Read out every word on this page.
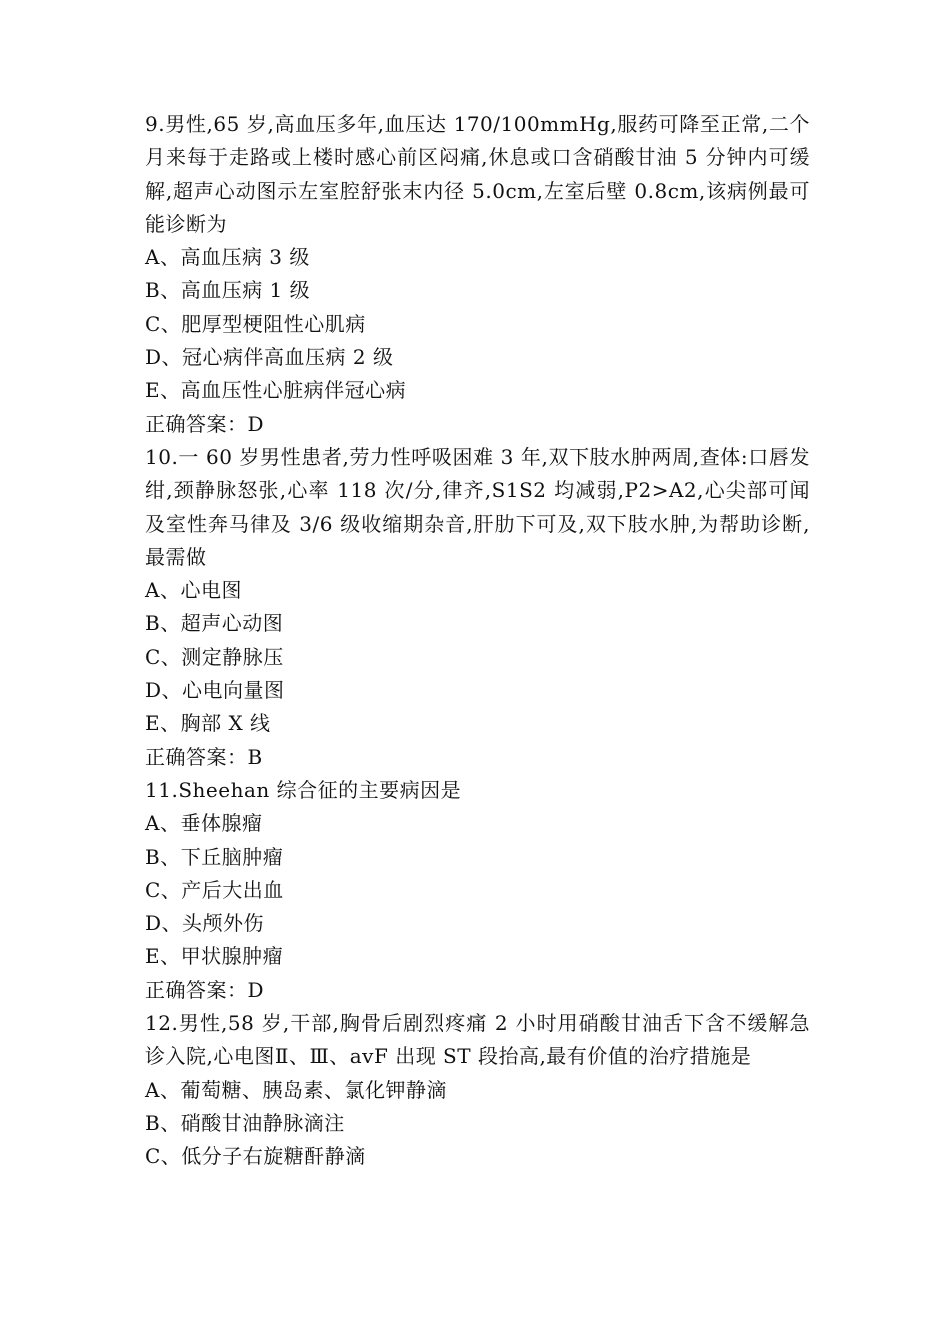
9.男性,65 岁,高血压多年,血压达 170/100mmHg,服药可降至正常,二个月来每于走路或上楼时感心前区闷痛,休息或口含硝酸甘油 5 分钟内可缓解,超声心动图示左室腔舒张末内径 5.0cm,左室后壁 0.8cm,该病例最可能诊断为

A、高血压病 3 级

B、高血压病 1 级

C、肥厚型梗阻性心肌病

D、冠心病伴高血压病 2 级

E、高血压性心脏病伴冠心病

正确答案：D

10.一 60 岁男性患者,劳力性呼吸困难 3 年,双下肢水肿两周,查体:口唇发绀,颈静脉怒张,心率 118 次/分,律齐,S1S2 均减弱,P2>A2,心尖部可闻及室性奔马律及 3/6 级收缩期杂音,肝肋下可及,双下肢水肿,为帮助诊断,最需做

A、心电图

B、超声心动图

C、测定静脉压

D、心电向量图

E、胸部 X 线

正确答案：B

11.Sheehan 综合征的主要病因是

A、垂体腺瘤

B、下丘脑肿瘤

C、产后大出血

D、头颅外伤

E、甲状腺肿瘤

正确答案：D

12.男性,58 岁,干部,胸骨后剧烈疼痛 2 小时用硝酸甘油舌下含不缓解急诊入院,心电图Ⅱ、Ⅲ、avF 出现 ST 段抬高,最有价值的治疗措施是

A、葡萄糖、胰岛素、氯化钾静滴

B、硝酸甘油静脉滴注

C、低分子右旋糖酐静滴
